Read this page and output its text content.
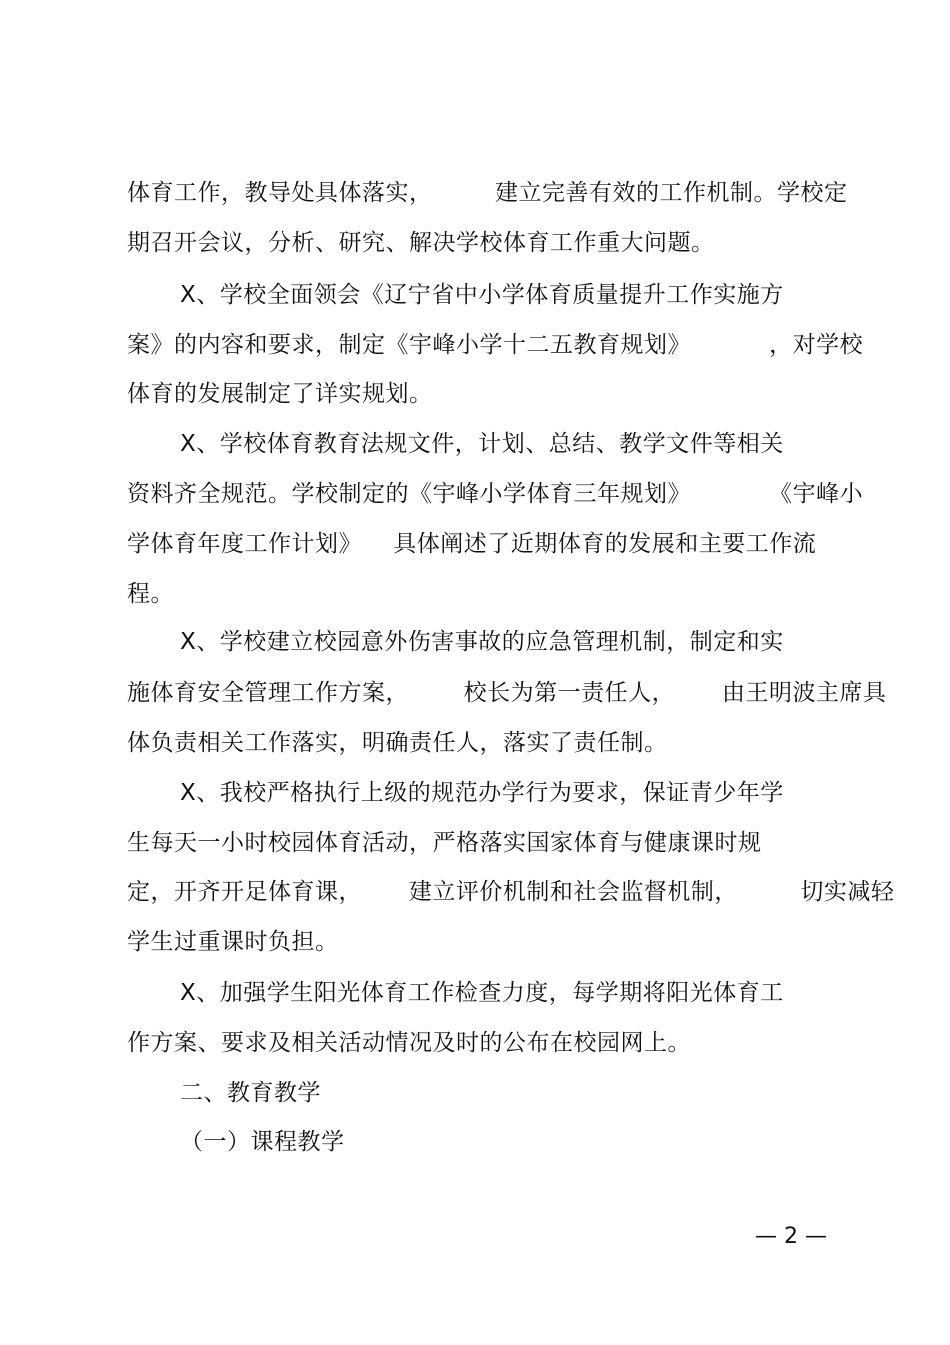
体育工作，教导处具体落实，        建立完善有效的工作机制。学校定
期召开会议，分析、研究、解决学校体育工作重大问题。
X、学校全面领会《辽宁省中小学体育质量提升工作实施方
案》的内容和要求，制定《宇峰小学十二五教育规划》          ，对学校
体育的发展制定了详实规划。
X、学校体育教育法规文件，计划、总结、教学文件等相关
资料齐全规范。学校制定的《宇峰小学体育三年规划》          《宇峰小
学体育年度工作计划》    具体阐述了近期体育的发展和主要工作流
程。
X、学校建立校园意外伤害事故的应急管理机制，制定和实
施体育安全管理工作方案，       校长为第一责任人，      由王明波主席具
体负责相关工作落实，明确责任人，落实了责任制。
X、我校严格执行上级的规范办学行为要求，保证青少年学
生每天一小时校园体育活动，严格落实国家体育与健康课时规
定，开齐开足体育课，      建立评价机制和社会监督机制，        切实减轻
学生过重课时负担。
X、加强学生阳光体育工作检查力度，每学期将阳光体育工
作方案、要求及相关活动情况及时的公布在校园网上。
二、教育教学
（一）课程教学
— 2 —
